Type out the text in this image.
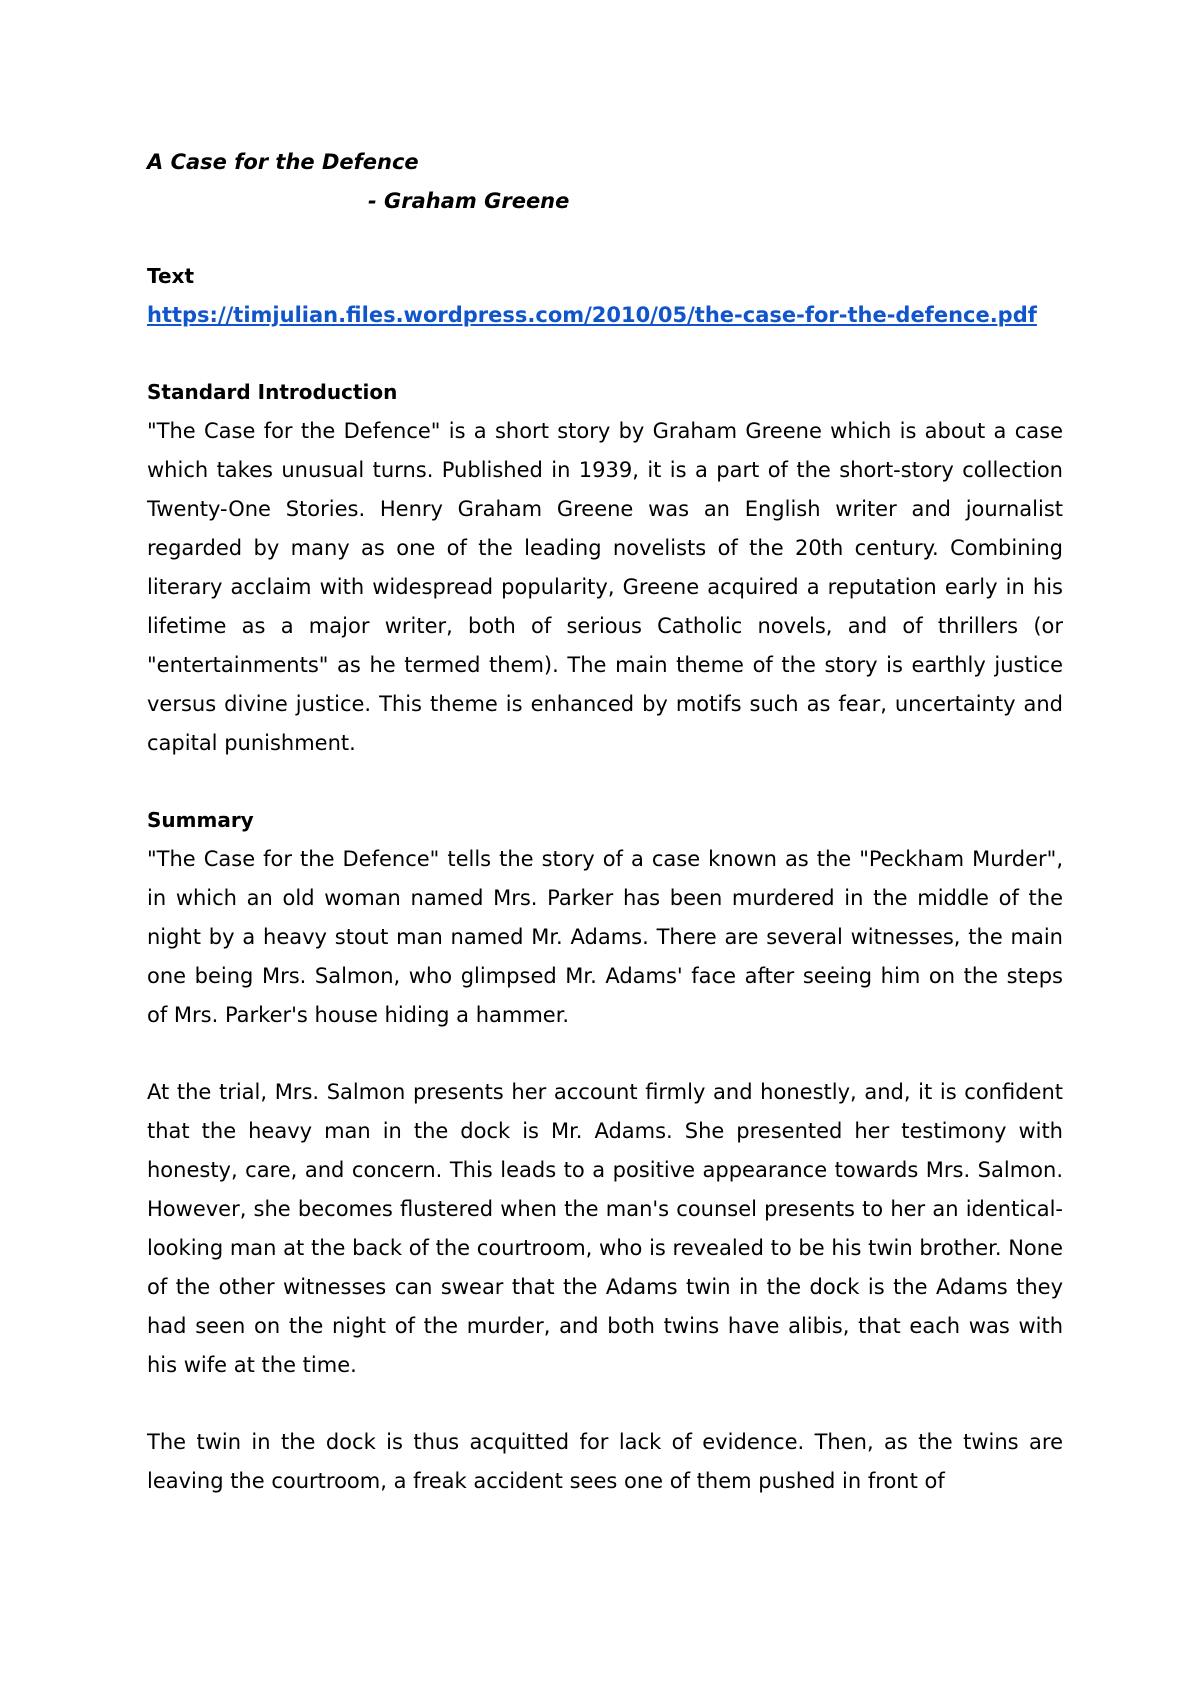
A Case for the Defence
- Graham Greene
Text
https://timjulian.files.wordpress.com/2010/05/the-case-for-the-defence.pdf
Standard Introduction

"The Case for the Defence" is a short story by Graham Greene which is about a case which takes unusual turns. Published in 1939, it is a part of the short-story collection Twenty-One Stories. Henry Graham Greene was an English writer and journalist regarded by many as one of the leading novelists of the 20th century. Combining literary acclaim with widespread popularity, Greene acquired a reputation early in his lifetime as a major writer, both of serious Catholic novels, and of thrillers (or "entertainments" as he termed them). The main theme of the story is earthly justice versus divine justice. This theme is enhanced by motifs such as fear, uncertainty and capital punishment.

Summary

"The Case for the Defence" tells the story of a case known as the "Peckham Murder", in which an old woman named Mrs. Parker has been murdered in the middle of the night by a heavy stout man named Mr. Adams. There are several witnesses, the main one being Mrs. Salmon, who glimpsed Mr. Adams' face after seeing him on the steps of Mrs. Parker's house hiding a hammer.

At the trial, Mrs. Salmon presents her account firmly and honestly, and, it is confident that the heavy man in the dock is Mr. Adams. She presented her testimony with honesty, care, and concern. This leads to a positive appearance towards Mrs. Salmon. However, she becomes flustered when the man's counsel presents to her an identical-looking man at the back of the courtroom, who is revealed to be his twin brother. None of the other witnesses can swear that the Adams twin in the dock is the Adams they had seen on the night of the murder, and both twins have alibis, that each was with his wife at the time.

The twin in the dock is thus acquitted for lack of evidence. Then, as the twins are leaving the courtroom, a freak accident sees one of them pushed in front of
